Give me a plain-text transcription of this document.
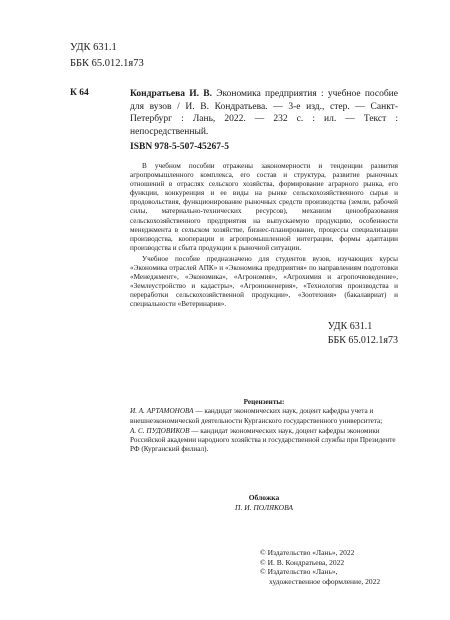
УДК 631.1
ББК 65.012.1я73
К 64	Кондратьева И. В. Экономика предприятия : учебное пособие для вузов / И. В. Кондратьева. — 3-е изд., стер. — Санкт-Петербург : Лань, 2022. — 232 с. : ил. — Текст : непосредственный.
ISBN 978-5-507-45267-5

В учебном пособии отражены закономерности и тенденции развития агропромышленного комплекса, его состав и структура, развитие рыночных отношений в отраслях сельского хозяйства, формирование аграрного рынка, его функции, конкуренция и ее виды на рынке сельскохозяйственного сырья и продовольствия, функционирование рыночных средств производства (земли, рабочей силы, материально-технических ресурсов), механизм ценообразования сельскохозяйственного предприятия на выпускаемую продукцию, особенности менеджмента в сельском хозяйстве, бизнес-планирование, процессы специализации производства, кооперации и агропромышленной интеграции, формы адаптации производства и сбыта продукции к рыночной ситуации.

Учебное пособие предназначено для студентов вузов, изучающих курсы «Экономика отраслей АПК» и «Экономика предприятия» по направлениям подготовки «Менеджмент», «Экономика», «Агрономия», «Агрохимия и агропочвоведение», «Землеустройство и кадастры», «Агроинженерия», «Технология производства и переработки сельскохозяйственной продукции», «Зоотехния» (бакалавриат) и специальности «Ветеринария».

УДК 631.1
ББК 65.012.1я73
Рецензенты:

И. А. АРТАМОНОВА — кандидат экономических наук, доцент кафедры учета и внешнеэкономической деятельности Курганского государственного университета;

А. С. ПУДОВИКОВ — кандидат экономических наук, доцент кафедры экономики Российской академии народного хозяйства и государственной службы при Президенте РФ (Курганский филиал).

Обложка
П. И. ПОЛЯКОВА
© Издательство «Лань», 2022
© И. В. Кондратьева, 2022
© Издательство «Лань»,
художественное оформление, 2022
